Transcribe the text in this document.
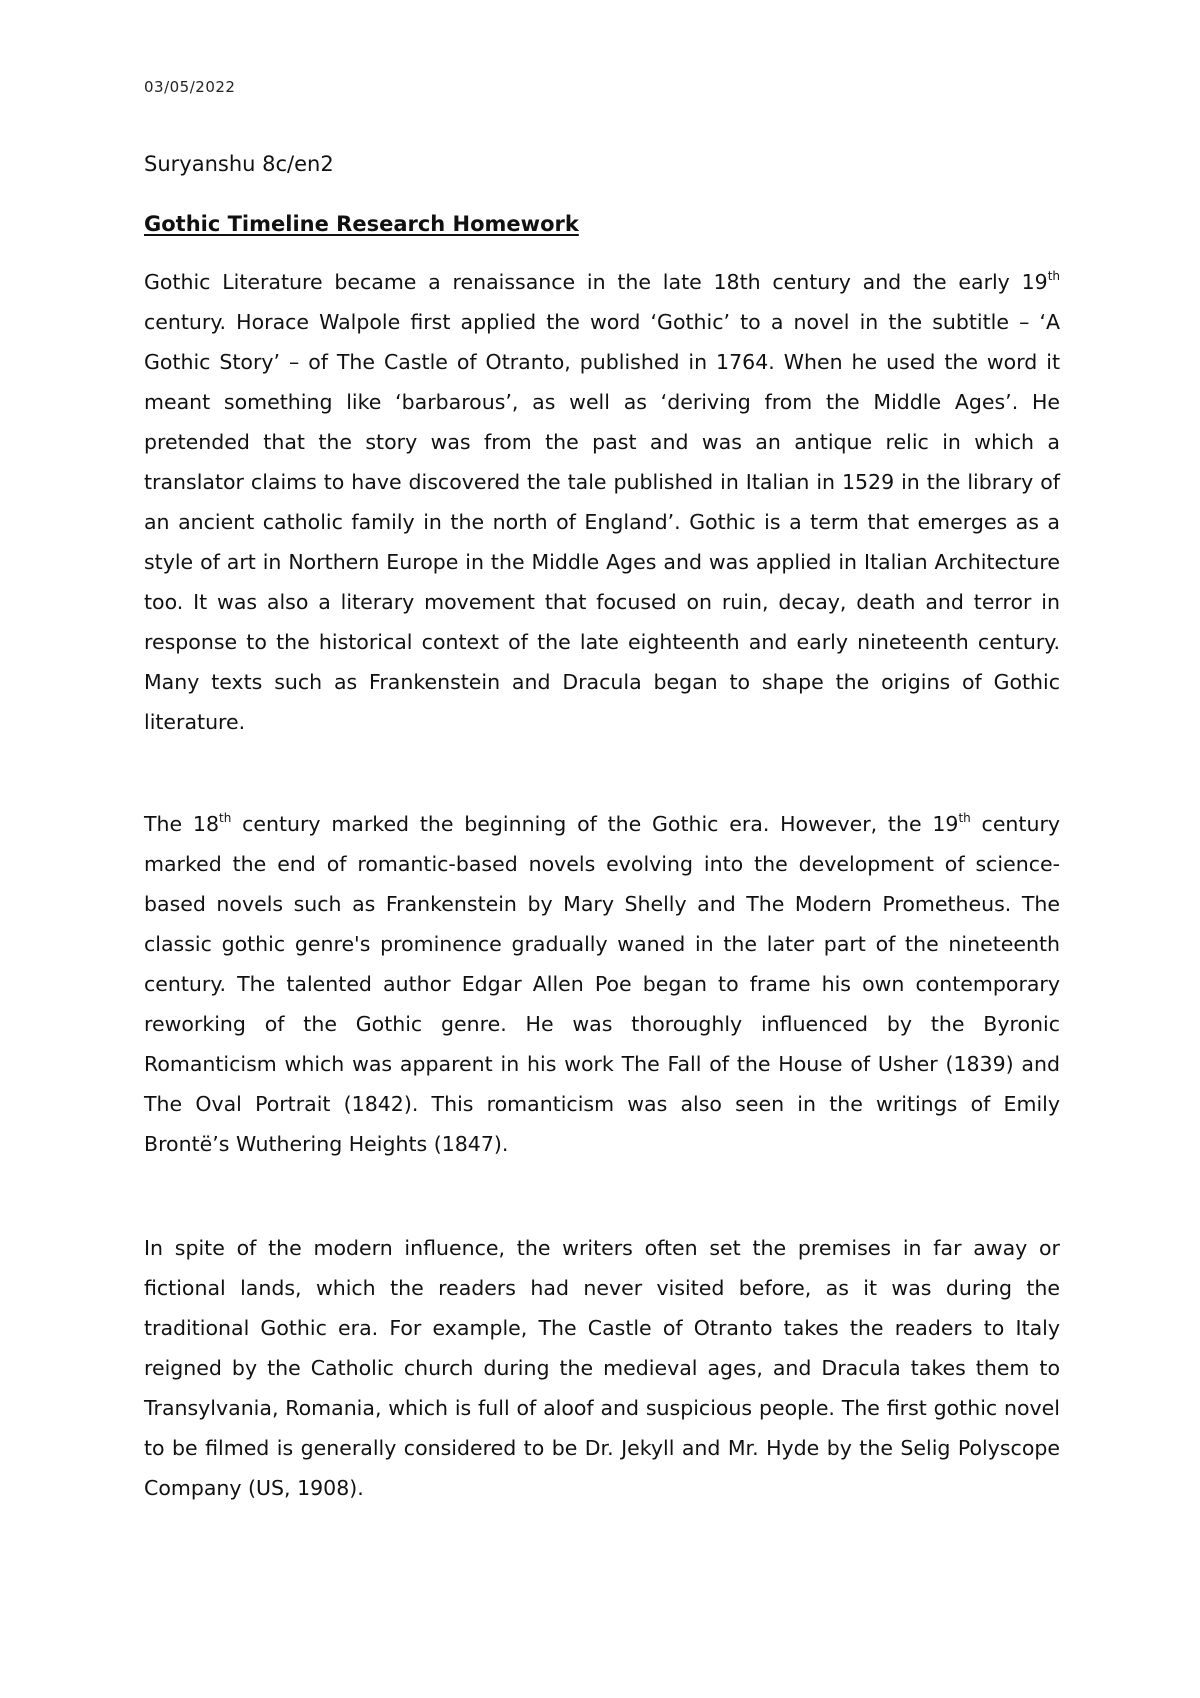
03/05/2022
Suryanshu 8c/en2
Gothic Timeline Research Homework

Gothic Literature became a renaissance in the late 18th century and the early 19th century. Horace Walpole first applied the word ‘Gothic’ to a novel in the subtitle – ‘A Gothic Story’ – of The Castle of Otranto, published in 1764. When he used the word it meant something like ‘barbarous’, as well as ‘deriving from the Middle Ages’. He pretended that the story was from the past and was an antique relic in which a translator claims to have discovered the tale published in Italian in 1529 in the library of an ancient catholic family in the north of England’. Gothic is a term that emerges as a style of art in Northern Europe in the Middle Ages and was applied in Italian Architecture too. It was also a literary movement that focused on ruin, decay, death and terror in response to the historical context of the late eighteenth and early nineteenth century. Many texts such as Frankenstein and Dracula began to shape the origins of Gothic literature.

The 18th century marked the beginning of the Gothic era. However, the 19th century marked the end of romantic-based novels evolving into the development of science-based novels such as Frankenstein by Mary Shelly and The Modern Prometheus. The classic gothic genre's prominence gradually waned in the later part of the nineteenth century. The talented author Edgar Allen Poe began to frame his own contemporary reworking of the Gothic genre. He was thoroughly influenced by the Byronic Romanticism which was apparent in his work The Fall of the House of Usher (1839) and The Oval Portrait (1842). This romanticism was also seen in the writings of Emily Brontë’s Wuthering Heights (1847).

In spite of the modern influence, the writers often set the premises in far away or fictional lands, which the readers had never visited before, as it was during the traditional Gothic era. For example, The Castle of Otranto takes the readers to Italy reigned by the Catholic church during the medieval ages, and Dracula takes them to Transylvania, Romania, which is full of aloof and suspicious people. The first gothic novel to be filmed is generally considered to be Dr. Jekyll and Mr. Hyde by the Selig Polyscope Company (US, 1908).
